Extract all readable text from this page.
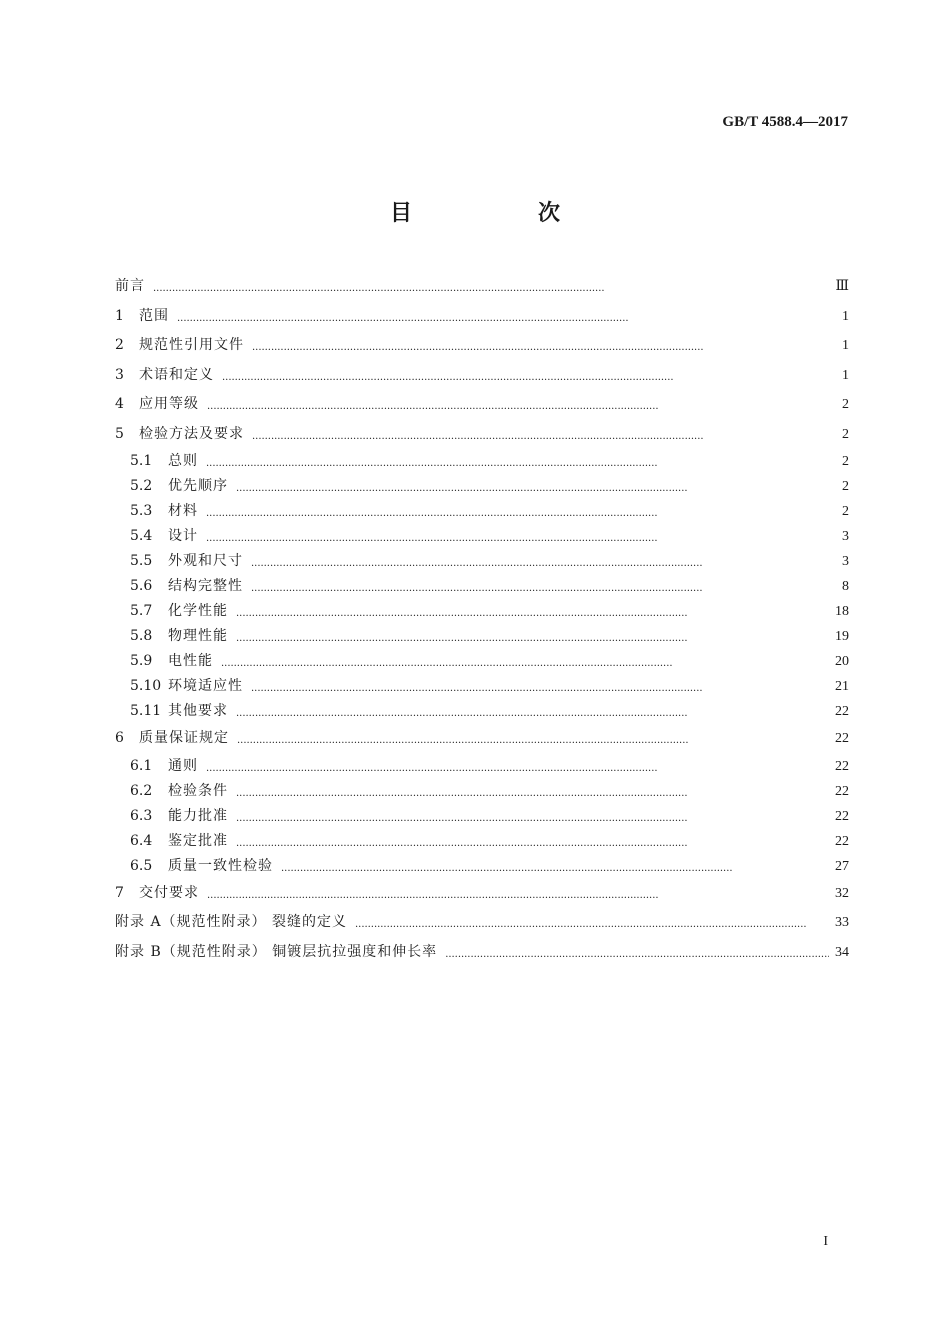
GB/T 4588.4—2017
目　次
前言 . . .	Ⅲ
1	范围 . . .	1
2	规范性引用文件 . . .	1
3	术语和定义 . . .	1
4	应用等级 . . .	2
5	检验方法及要求 . . .	2
5.1	总则 . . .	2
5.2	优先顺序 . . .	2
5.3	材料 . . .	2
5.4	设计 . . .	3
5.5	外观和尺寸 . . .	3
5.6	结构完整性 . . .	8
5.7	化学性能 . . .	18
5.8	物理性能 . . .	19
5.9	电性能 . . .	20
5.10 环境适应性 . . .	21
5.11 其他要求 . . .	22
6	质量保证规定 . . .	22
6.1	通则 . . .	22
6.2	检验条件 . . .	22
6.3	能力批准 . . .	22
6.4	鉴定批准 . . .	22
6.5	质量一致性检验 . . .	27
7	交付要求 . . .	32
附录 A（规范性附录） 裂缝的定义 . . .	33
附录 B（规范性附录） 铜镀层抗拉强度和伸长率 . . .	34
I
